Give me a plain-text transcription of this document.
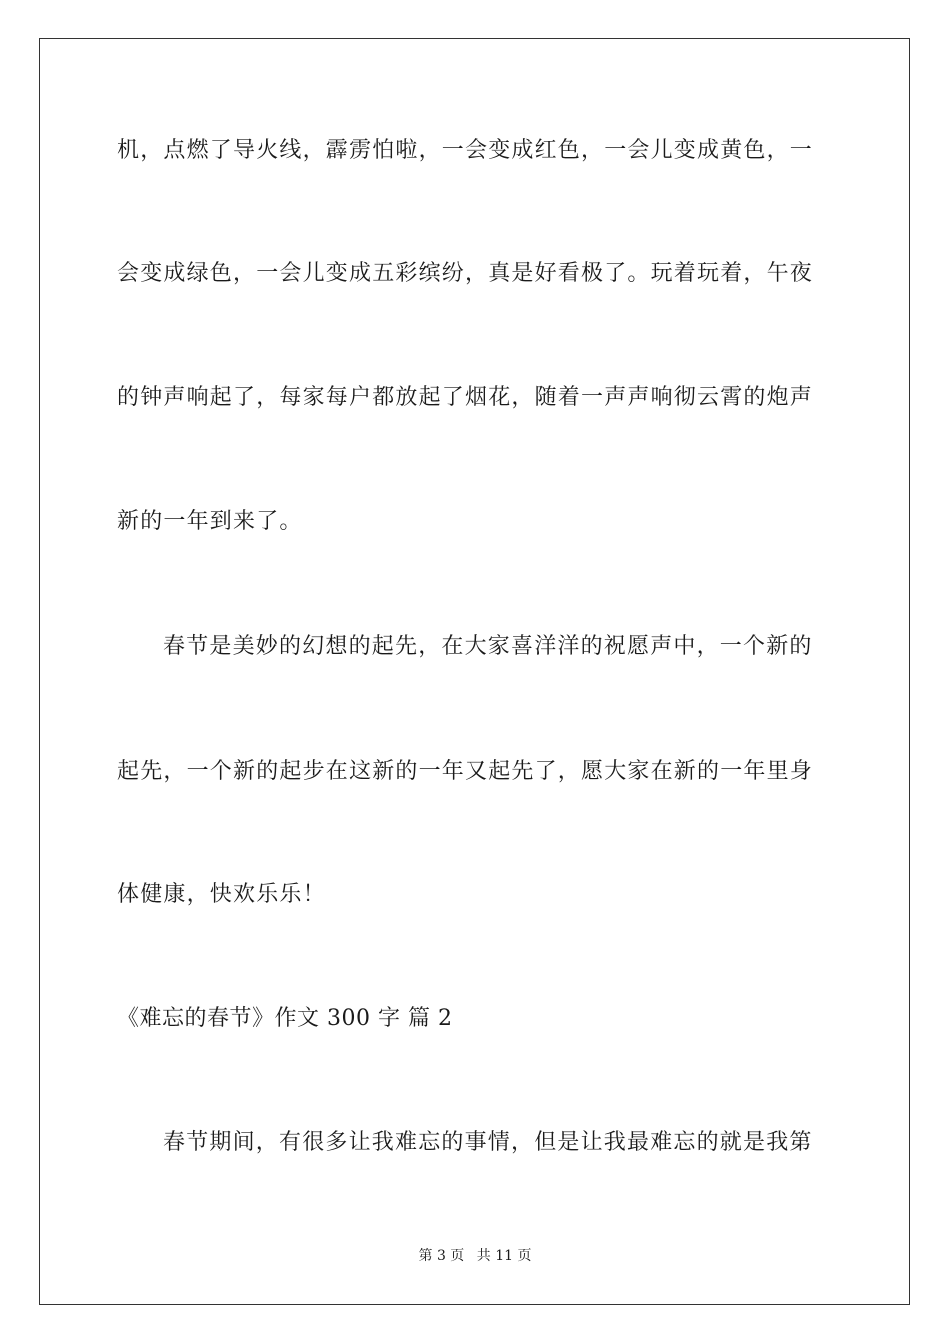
机，点燃了导火线，霹雳怕啦，一会变成红色，一会儿变成黄色，一
会变成绿色，一会儿变成五彩缤纷，真是好看极了。玩着玩着，午夜
的钟声响起了，每家每户都放起了烟花，随着一声声响彻云霄的炮声
新的一年到来了。
春节是美妙的幻想的起先，在大家喜洋洋的祝愿声中，一个新的
起先，一个新的起步在这新的一年又起先了，愿大家在新的一年里身
体健康，快欢乐乐！
《难忘的春节》作文 300 字 篇 2
春节期间，有很多让我难忘的事情，但是让我最难忘的就是我第
第 3 页 共 11 页
